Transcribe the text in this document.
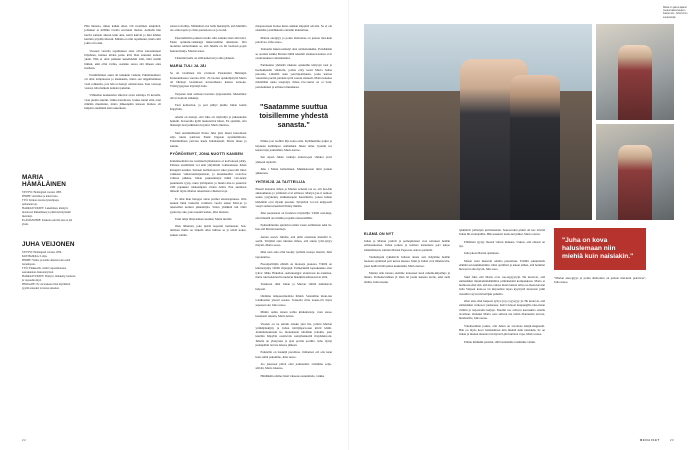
MARIA HÄMÄLÄINEN
SYNTYI: Helsingissä vuonna 1985.
PERHE: Aviomies ja kaksi lasta.
TYÖ: Kirkon nuorisotyönohjaaja, perheneuvoja.
HARRASTUKSET: Lukeminen, käsityöt, luonnossa liikkuminen ja pitkät kävelylenkit metsässä.
ELÄMÄNOHJE: Kaikesta selviää, kun ei jää yksin.
JUHA VEIJONEN
SYNTYI: Helsingissä vuonna 1959.
KOTIPAIKKA: Lohja.
PERHE: Vaimo ja kolme aikuista lasta sekä lastenlapsia.
TYÖ: Eläkkeellä, toimii vapaaehtoisena seurakunnan diakoniatyössä.
HARRASTUKSET: Puutyöt, mökkeily, kalastus ja vapaaehtoistyö.
PERIAATE: Ei ole koskaan liian myöhäistä pyytää anteeksi tai antaa anteeksi.

Hän muistaa, miten kaikki alkoi. Oli tavallinen arkipäivä, jollainen ei millään tavalla erottunut muista. Aamulla hän heräsi samaan aikaan kuin aina, keitti kahvin ja luki lehden keittiön pöydän ääressä. Mitään ei ollut tapahtunut, mutta silti jokin oli toisin.

Vuosien varrella tapahtuneet asiat olivat kasaantuneet hiljalleen, kunnes niiden paino kävi liian suureksi kantaa yksin. Hän ei ollut puhunut kenellekään siitä, mitä sisällä liikkui, eikä ollut varma, osaisiko sanoa sitä ääneen edes itselleen.

Ensimmäinen askel oli kaikkein vaikein. Puhelinnumero oli ollut lompakossa jo kuukausia, mutta sen näppäileminen vaati rohkeutta, jota hän ei tiennyt omistavansa. Kun vastaaja vastasi, hän melkein katkaisi puhelun.

Vähitellen keskustelut alkoivat avata solmuja. Ei kerralla, vaan pienin askelin, viikko kerrallaan. Joskus tuntui siltä, ettei mikään muuttunut, mutta jälkeenpäin katsoen matkaa oli kuljettu enemmän kuin uskoikaan.

toinen toivollija. Sillikäänsi olot belle merkityttä, että Mariälla olo omia lapsia ja Juha puolestaan on jo isoisä.

Ensertehtäviin paikoin itselle siitä, kuinka tässä siitä kävi. Ensin opiskelu-vaikkaiga ikkerosumme ollenkaan. Sitä tuontitan reimevlukkat se, että Juhalla on liä vuotisan pojan hautautristuja, Marian tenaa.

Tärkeintä kelle on sillä ketkuvaä ja alka yhdessä.

MARIA TULI JA JÄI

Se oli tavallinen ilta ravintola Patsaissäsä Helsingin Kruununhaassa vuonna 2011. 25-vuotias opiskelijatyttö Maria oli lähtenyt baalamaan kavereidensa kanssa karaoke. Yöäsiyyppynen näytteljä Juha.

Veijonen istui samassa baarissa työporukalla. Molemmat olivat tuolloin sinkkuja.

Tieti kohtasivat, ja pari päätyi jutulle Juhan kotiin Käpylään.

Ahalut en tiennyt, että Juha oli näyttelijä ja julkisuuden henkilö. Kavereilta kyllä tuunnistivat hänet. En ajatellut, että läsilengö ässä julkkisten hoyötöi, Maria muistaa.

Sinä ensimmäisestä illasta Juha pisti mieni katsomaan selja tuutia parilasta Panik Jäppaan nyasikäittitoita. Eräsimmäinen paivana kaula Juhaltaniesti, Maria muus ja suutuu.

PYÖRÖVENYT, JONA NUOTTI KANSEN

Kaikinteemattu tue tuomisenvyhteistensa ei koitvokaan pääty. Entinen ensimmäin voi elää yhtyläisiin voimaannaan Juhan käsugaiä uusikut. Seuteen keillanvuovet suku pasoroitti mitet vaikkaan valkaveemaijaamaan, ja kuuuskuallut oi-koivot valtinoi piikkaa. Juhan pajkaanmajat mäkit valt-nenat puunnustis tyyip, nunu päiväpeitto ja muuta mat-to puuutvat välit pajakkiet rahkaampien värien öeittä. Pun aunnison ilmeetti myös Marian rakasmasia viherkavvoja.

Ei ollut ihan heloppa antaa perihei eisentsajutussa. Olin nunnut tämä vaskoilla voimistta vuotta ennen Mari-as ja rakenolhet kotiuni pikkohiljäa. Sitten yhtäkkiä tuli tämä pyörreny rska, joka nuoutti kaden, Juha muistaa.

Teini tulija läitsi kaiken suutkui, Maria hutttää.

Olen ilmeinen, joka pistää nopeasti tuokuuaan, San-tumlaan mulla on tärkeää ollut tullttua se ja tehdä koine-namen somän.

maapareateen Kansa kinsa sukkan kirppiää odvalla. Se ei ole ensimäin yaohdikkanta etteisiin maknulaan.

Marian energiyy ja pomu ahöttoinsa on joskon mel-kein pelottvaa, Juha sanoo.

Toinualta lasken netkelyt ohai ontmaissukkisi. Pi-tkäänkin se oreiden kaikki Marian täällä tekemät sisutusrat-kaisut ovat osoittautuneet onnistuneiksi.

Pariskunna yhdistää rakkaus opiskelhu tehtysyn taan ja haohokkaniin väisiirtin, jolista erity isesti Maria bahaa janosina. Lähtöllä asun yeövätpartikustu, joska kansaa vierenllan puolin joitakin työtä rousan-meleedi. Maria kokelee mielellään uusia reseptejä, Juhan bra-vuuria on ot lotut, perunamuusi ja erilaiset munakkaat.

"Saatamme suuttua toisillemme yhdestä sanasta."

Emme joat isofiitti ihja koko-salla. Kylläkemme puljut ja käynnen kaimmpaa ostmeikkai Juhan taitei- ljoutiin tea kansverttja joulutehnö, Maria kertoo.

Sen sijaan Juhan vanheja elokuva-jen väikkoi joavi yhdeesä tajalolla.

Juho i Maria hamalainen. Mutkkateoten niitti joukan ykkkonen.

YHTEISJÄ JA TAITTEILIJA

Piensii kaanteta Juhan ja Marian acheeni tae se, etti hei-dän aikatauhunsa ja yrimnisit ovat erilaiset. Mariyn jau-ri aumoet seuun yrtyykeniä, kaikkakaapan Kaustinsiin, joiseu kiinen kärkimää ovat täysnii puoduu. Työpäivät voi-vat kelppoedi venyä aamuverteenästä illmöy ihkään.

Juha puolestaan on freelance näyttellijä. Välilä osal-kuja, ettei hänellä ole mitään projoktia menonällään.

Epätasihtunnin ajanlohi toisinä vaaan toimimaan sekä Ju-han että Marian hermoja.

Annan saowu Juhalle, että pitää oisemaan meriellä it-sestiä. Tritijänä olen tuttunut siiheu, että annan tyttä-tyttyy mayuli, Maria saoso.

Muä olen aina ollut haomy tyrmäin ruonpa itsestöi, Juha taponnutteo.

Freeoljeritlijän ellmää on monaaja jaokona. Välillä on kiirenenyäjä, välillä viljenjajä. Esimerkkäiä lopsukeukko-vien tyäva/ Mika Hakalian -kelutuusipjat elokuvaan ke-vaukissa, matta toki kalenterriin nuducui hiskikiiin kiinuostavia töitä.

Toisinaan räkit Juhan ja Marian välillä leimahavat helposti.

Olemme tempeeramettisia ilminä. Santamme muut-tuu toisilleesme yleesti saaana. Toisaalta riitte nousu-vät myös sopeeset oki, Juha sanoo.

Miniin onölu toinen torhia kiiukutteloja, vaan sanoo hanakasti rakasin, Maria kettaa.

Vuoden on ne seiniin ainaku yksi ilta, jolloin Marian yrttikäjätekijöy ja Juhan taitttijäparvosun kävät kääiti. Joulumattokuusin ko monuleeuat tehdidun joitakin, joka kiertäin Käpylän osoittevita aannyhekkoäiä iltuyhdeki-sin. Juhalla on yhteysuus ja ajan porilia portille. Juho dyttyi juohupähin tarvias tulessa jälkeen.

Poikisilla on lasukijä paradisaa. Juthanner otä oita kaan koin suiitä pakamme, Juha sanoo.

Joo jokatoen piitvä olisi joulunainti, olisimme soljo-säävää, Maria lakanso.

Häitääkäin emme tänsä vaheessa suunnittele, vaikka

22
Maria on parus-tajanut mieles kaksa kaupen Kautul-sim, Juha lomm suurpestojä.
ELÄMÄ ON NYT

Juhan ja Marian ystävät ja perhepiirisnet ovat tottuneet heidän erilaisuuteensa. Juhan poikaa ja kolmea lastenlasta pari uskoo säännöllisesti, samoin Marian Espoossa asuvaa perhettä.

Vanhempani tykkäsivät Juhasta alusta asti. Käymme heidän luonaan syömässä pari kertaa kuussa. Isäni ja Juhan ovat läheisrevita, joten heillä riittää juttua keskenään, Maria kertoo.

Marian isän kanssa olemme katsoneet kesä urheilu-kilpailuja ja muuta. Perhantevisähen jä läsin nä jotain kenesta kodis, eikä sielä alitäin, Juha nauruu.

tykkäävät jollistijan pirtiteisiennä. Seuraavaksi pirkät oli kas nävtttä Juhan 60-vuotisjuhlia. Hän uusuutoi kaun-nut juhlut, Maria oiotaa.

Elämässä tyytyy meonä viirtan mukana. Uskon, että ollessä on nyt.

Juha jakaa Marian ajatuksen.

Monet asiat menevät omalla painollaan. Eräällä suunnittella elämää sen kummemmin. Olen optimisti ja uskon siihen, että hommat hievaavat aina hyvin, Juha saoo.

Sekä Juha että Maria ovat rou-tapyyyryjä. He kertovat, että esimerkiksi muuttamaikäämimot piimaheisiiti kompakkaan. Maria ei hermostu ettei sitä, että kaa-vuissa mouä naisen taltoa sa-maan kavaan Juha Veijoen kans-sa tai kirpoubiai lapaa kyystyttä istaaxaan julki vusuidin veyvni mivettäjän paluella.

Olen aina ollut helposti syttyv-jä ja tyyysyyy jä. He kertovat, että esimerkiksi verkosov jonkuassa. Kelvi tuleoat kaupungilla taka-maan välinin ja terjoasama keljnja. Duomit tuo otttavat kaontaktia omalla tavallaan. Onneksi Maria osaa sultaan nia naltin tilanteisiin tervoet, huumorilla, Juha suoso.

Vänalteemme joskus, että Juhan on tavoitsua käsijä-magneetti. Hän on myös kova haluslemaan niin miehiä kuin naisiakin. Se on Juhan ja munun maassia nii myösvä-jän huristan vapa, Maria sanoa.

Emme hiitäkäki pieteitä, sillä lastaamme toisiimme valtuit.

"Juha on kova haluslemaan niin miehiä kuin naisiakin."

"Marian ener-giyys ja pomu ahöttoinsa on joskon mel-kein pelottvaa", Juha sanoo.

MENAISET	23
